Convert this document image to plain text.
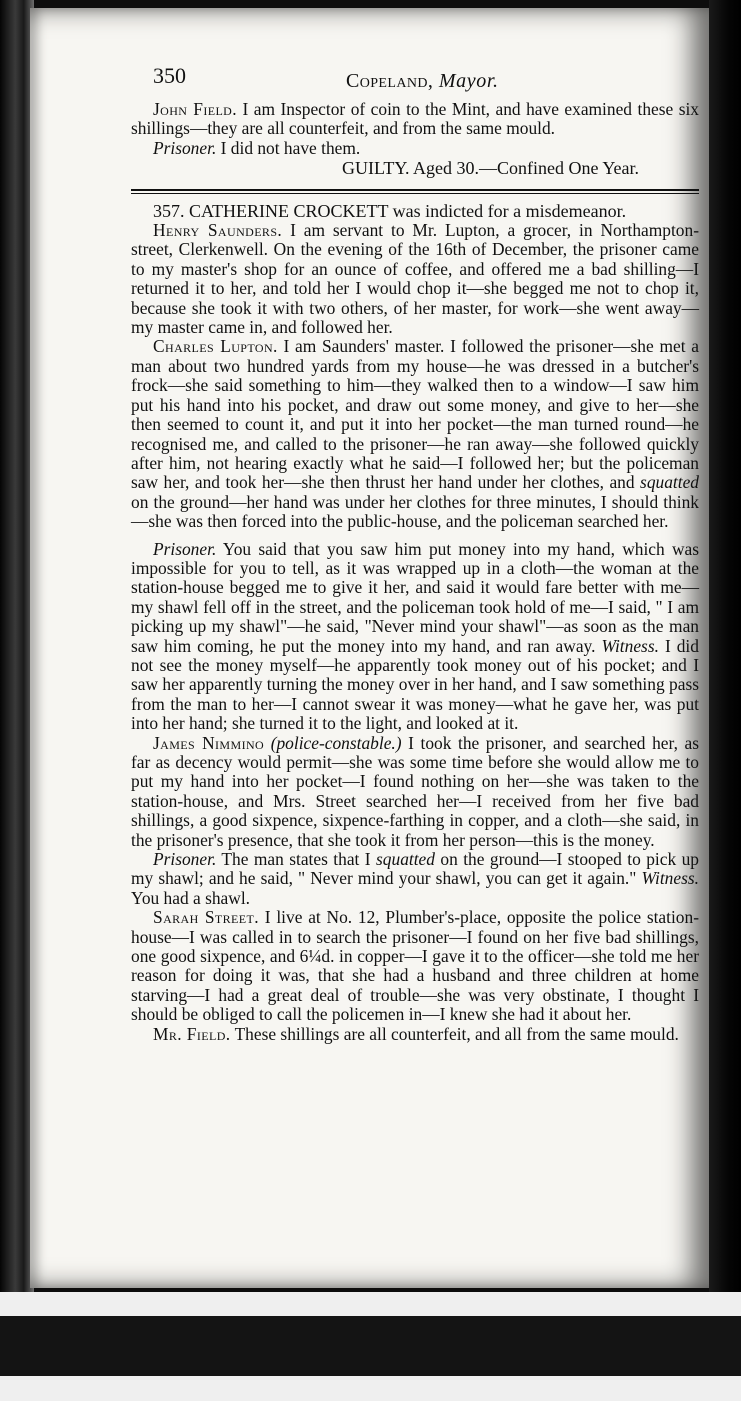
350	Copeland, Mayor.

John Field. I am Inspector of coin to the Mint, and have examined these six shillings—they are all counterfeit, and from the same mould.

Prisoner. I did not have them.

GUILTY. Aged 30.—Confined One Year.

357. CATHERINE CROCKETT was indicted for a misdemeanor.

Henry Saunders. I am servant to Mr. Lupton, a grocer, in Northampton-street, Clerkenwell. On the evening of the 16th of December, the prisoner came to my master's shop for an ounce of coffee, and offered me a bad shilling—I returned it to her, and told her I would chop it—she begged me not to chop it, because she took it with two others, of her master, for work—she went away—my master came in, and followed her.

Charles Lupton. I am Saunders' master. I followed the prisoner—she met a man about two hundred yards from my house—he was dressed in a butcher's frock—she said something to him—they walked then to a window—I saw him put his hand into his pocket, and draw out some money, and give to her—she then seemed to count it, and put it into her pocket—the man turned round—he recognised me, and called to the prisoner—he ran away—she followed quickly after him, not hearing exactly what he said—I followed her; but the policeman saw her, and took her—she then thrust her hand under her clothes, and squatted on the ground—her hand was under her clothes for three minutes, I should think—she was then forced into the public-house, and the policeman searched her.

Prisoner. You said that you saw him put money into my hand, which was impossible for you to tell, as it was wrapped up in a cloth—the woman at the station-house begged me to give it her, and said it would fare better with me—my shawl fell off in the street, and the policeman took hold of me—I said, " I am picking up my shawl"—he said, "Never mind your shawl"—as soon as the man saw him coming, he put the money into my hand, and ran away. Witness. I did not see the money myself—he apparently took money out of his pocket; and I saw her apparently turning the money over in her hand, and I saw something pass from the man to her—I cannot swear it was money—what he gave her, was put into her hand; she turned it to the light, and looked at it.

James Nimmino (police-constable.) I took the prisoner, and searched her, as far as decency would permit—she was some time before she would allow me to put my hand into her pocket—I found nothing on her—she was taken to the station-house, and Mrs. Street searched her—I received from her five bad shillings, a good sixpence, sixpence-farthing in copper, and a cloth—she said, in the prisoner's presence, that she took it from her person—this is the money.

Prisoner. The man states that I squatted on the ground—I stooped to pick up my shawl; and he said, " Never mind your shawl, you can get it again." Witness. You had a shawl.

Sarah Street. I live at No. 12, Plumber's-place, opposite the police station-house—I was called in to search the prisoner—I found on her five bad shillings, one good sixpence, and 6¼d. in copper—I gave it to the officer—she told me her reason for doing it was, that she had a husband and three children at home starving—I had a great deal of trouble—she was very obstinate, I thought I should be obliged to call the policemen in—I knew she had it about her.

Mr. Field. These shillings are all counterfeit, and all from the same mould.
